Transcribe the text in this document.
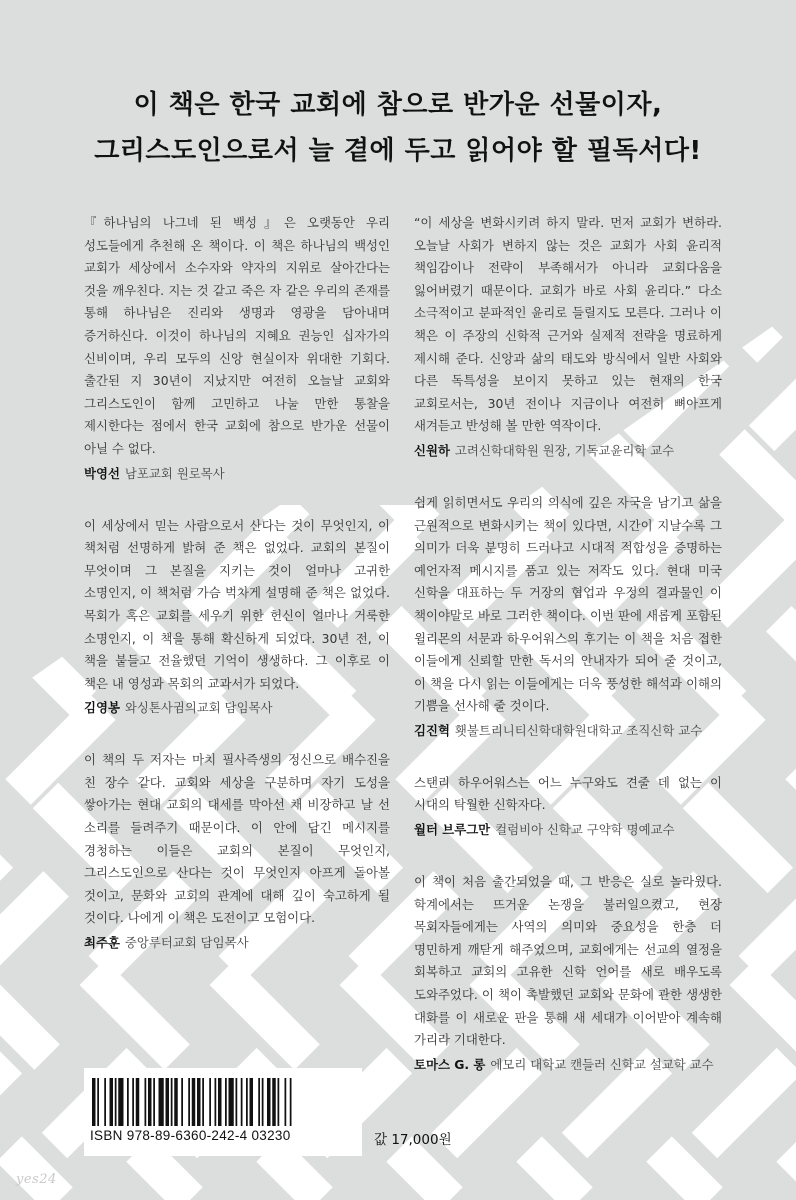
이 책은 한국 교회에 참으로 반가운 선물이자,
그리스도인으로서 늘 곁에 두고 읽어야 할 필독서다!

『하나님의 나그네 된 백성』은 오랫동안 우리 성도들에게 추천해 온 책이다. 이 책은 하나님의 백성인 교회가 세상에서 소수자와 약자의 지위로 살아간다는 것을 깨우친다. 지는 것 같고 죽은 자 같은 우리의 존재를 통해 하나님은 진리와 생명과 영광을 담아내며 증거하신다. 이것이 하나님의 지혜요 권능인 십자가의 신비이며, 우리 모두의 신앙 현실이자 위대한 기회다. 출간된 지 30년이 지났지만 여전히 오늘날 교회와 그리스도인이 함께 고민하고 나눌 만한 통찰을 제시한다는 점에서 한국 교회에 참으로 반가운 선물이 아닐 수 없다.

박영선 남포교회 원로목사

이 세상에서 믿는 사람으로서 산다는 것이 무엇인지, 이 책처럼 선명하게 밝혀 준 책은 없었다. 교회의 본질이 무엇이며 그 본질을 지키는 것이 얼마나 고귀한 소명인지, 이 책처럼 가슴 벅차게 설명해 준 책은 없었다. 목회가 혹은 교회를 세우기 위한 헌신이 얼마나 거룩한 소명인지, 이 책을 통해 확신하게 되었다. 30년 전, 이 책을 붙들고 전율했던 기억이 생생하다. 그 이후로 이 책은 내 영성과 목회의 교과서가 되었다.

김영봉 와싱톤사귐의교회 담임목사

이 책의 두 저자는 마치 필사즉생의 정신으로 배수진을 친 장수 같다. 교회와 세상을 구분하며 자기 도성을 쌓아가는 현대 교회의 대세를 막아선 채 비장하고 날 선 소리를 들려주기 때문이다. 이 안에 담긴 메시지를 경청하는 이들은 교회의 본질이 무엇인지, 그리스도인으로 산다는 것이 무엇인지 아프게 돌아볼 것이고, 문화와 교회의 관계에 대해 깊이 숙고하게 될 것이다. 나에게 이 책은 도전이고 모험이다.

최주훈 중앙루터교회 담임목사

“이 세상을 변화시키려 하지 말라. 먼저 교회가 변하라. 오늘날 사회가 변하지 않는 것은 교회가 사회 윤리적 책임감이나 전략이 부족해서가 아니라 교회다움을 잃어버렸기 때문이다. 교회가 바로 사회 윤리다.” 다소 소극적이고 분파적인 윤리로 들릴지도 모른다. 그러나 이 책은 이 주장의 신학적 근거와 실제적 전략을 명료하게 제시해 준다. 신앙과 삶의 태도와 방식에서 일반 사회와 다른 독특성을 보이지 못하고 있는 현재의 한국 교회로서는, 30년 전이나 지금이나 여전히 뼈아프게 새겨듣고 반성해 볼 만한 역작이다.

신원하 고려신학대학원 원장, 기독교윤리학 교수

쉽게 읽히면서도 우리의 의식에 깊은 자국을 남기고 삶을 근원적으로 변화시키는 책이 있다면, 시간이 지날수록 그 의미가 더욱 분명히 드러나고 시대적 적합성을 증명하는 예언자적 메시지를 품고 있는 저작도 있다. 현대 미국 신학을 대표하는 두 거장의 협업과 우정의 결과물인 이 책이야말로 바로 그러한 책이다. 이번 판에 새롭게 포함된 윌리몬의 서문과 하우어워스의 후기는 이 책을 처음 접한 이들에게 신뢰할 만한 독서의 안내자가 되어 줄 것이고, 이 책을 다시 읽는 이들에게는 더욱 풍성한 해석과 이해의 기쁨을 선사해 줄 것이다.

김진혁 횃불트리니티신학대학원대학교 조직신학 교수

스탠리 하우어워스는 어느 누구와도 견줄 데 없는 이 시대의 탁월한 신학자다.

월터 브루그만 컬럼비아 신학교 구약학 명예교수

이 책이 처음 출간되었을 때, 그 반응은 실로 놀라웠다. 학계에서는 뜨거운 논쟁을 불러일으켰고, 현장 목회자들에게는 사역의 의미와 중요성을 한층 더 명민하게 깨닫게 해주었으며, 교회에게는 선교의 열정을 회복하고 교회의 고유한 신학 언어를 새로 배우도록 도와주었다. 이 책이 촉발했던 교회와 문화에 관한 생생한 대화를 이 새로운 판을 통해 새 세대가 이어받아 계속해 가리라 기대한다.

토마스 G. 롱 에모리 대학교 캔들러 신학교 설교학 교수
ISBN 978-89-6360-242-4 03230	값 17,000원
yes24
